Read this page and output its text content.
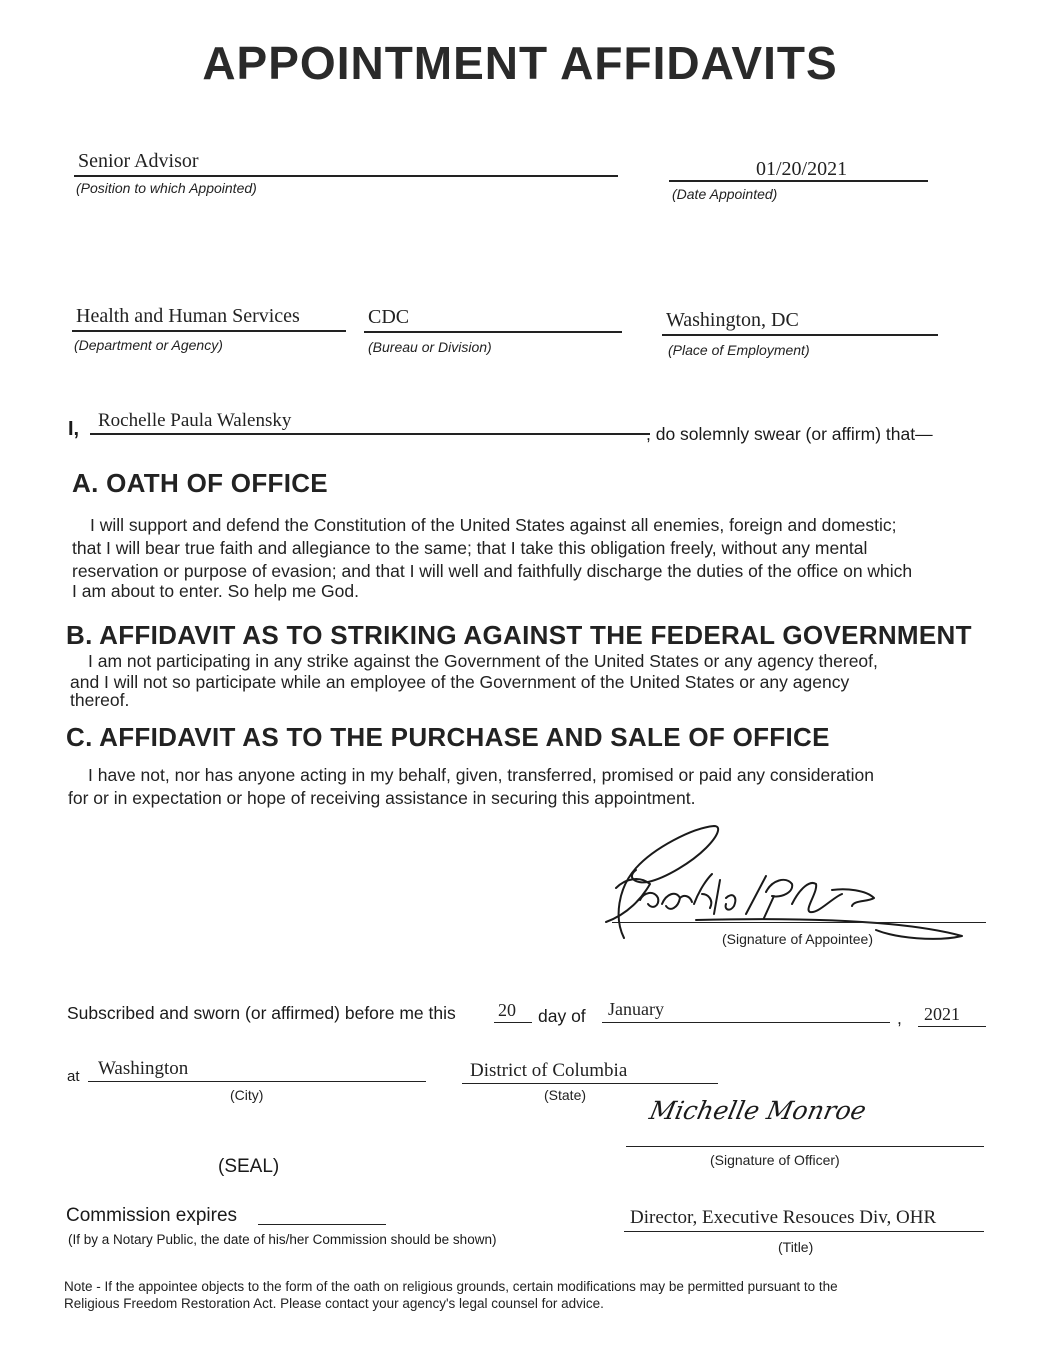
APPOINTMENT AFFIDAVITS
Senior Advisor
(Position to which Appointed)
01/20/2021
(Date Appointed)
Health and Human Services
(Department or Agency)
CDC
(Bureau or Division)
Washington, DC
(Place of Employment)
I, Rochelle Paula Walensky
, do solemnly swear (or affirm) that—
A. OATH OF OFFICE
I will support and defend the Constitution of the United States against all enemies, foreign and domestic;
that I will bear true faith and allegiance to the same; that I take this obligation freely, without any mental
reservation or purpose of evasion; and that I will well and faithfully discharge the duties of the office on which
I am about to enter. So help me God.
B. AFFIDAVIT AS TO STRIKING AGAINST THE FEDERAL GOVERNMENT
I am not participating in any strike against the Government of the United States or any agency thereof,
and I will not so participate while an employee of the Government of the United States or any agency
thereof.
C. AFFIDAVIT AS TO THE PURCHASE AND SALE OF OFFICE
I have not, nor has anyone acting in my behalf, given, transferred, promised or paid any consideration
for or in expectation or hope of receiving assistance in securing this appointment.
(Signature of Appointee)
Subscribed and sworn (or affirmed) before me this 20 day of January	, 2021
at Washington
(City)
District of Columbia
(State)
Michelle Monroe
(Signature of Officer)
(SEAL)
Commission expires
(If by a Notary Public, the date of his/her Commission should be shown)
Director, Executive Resouces Div, OHR
(Title)
Note - If the appointee objects to the form of the oath on religious grounds, certain modifications may be permitted pursuant to the
Religious Freedom Restoration Act. Please contact your agency's legal counsel for advice.
